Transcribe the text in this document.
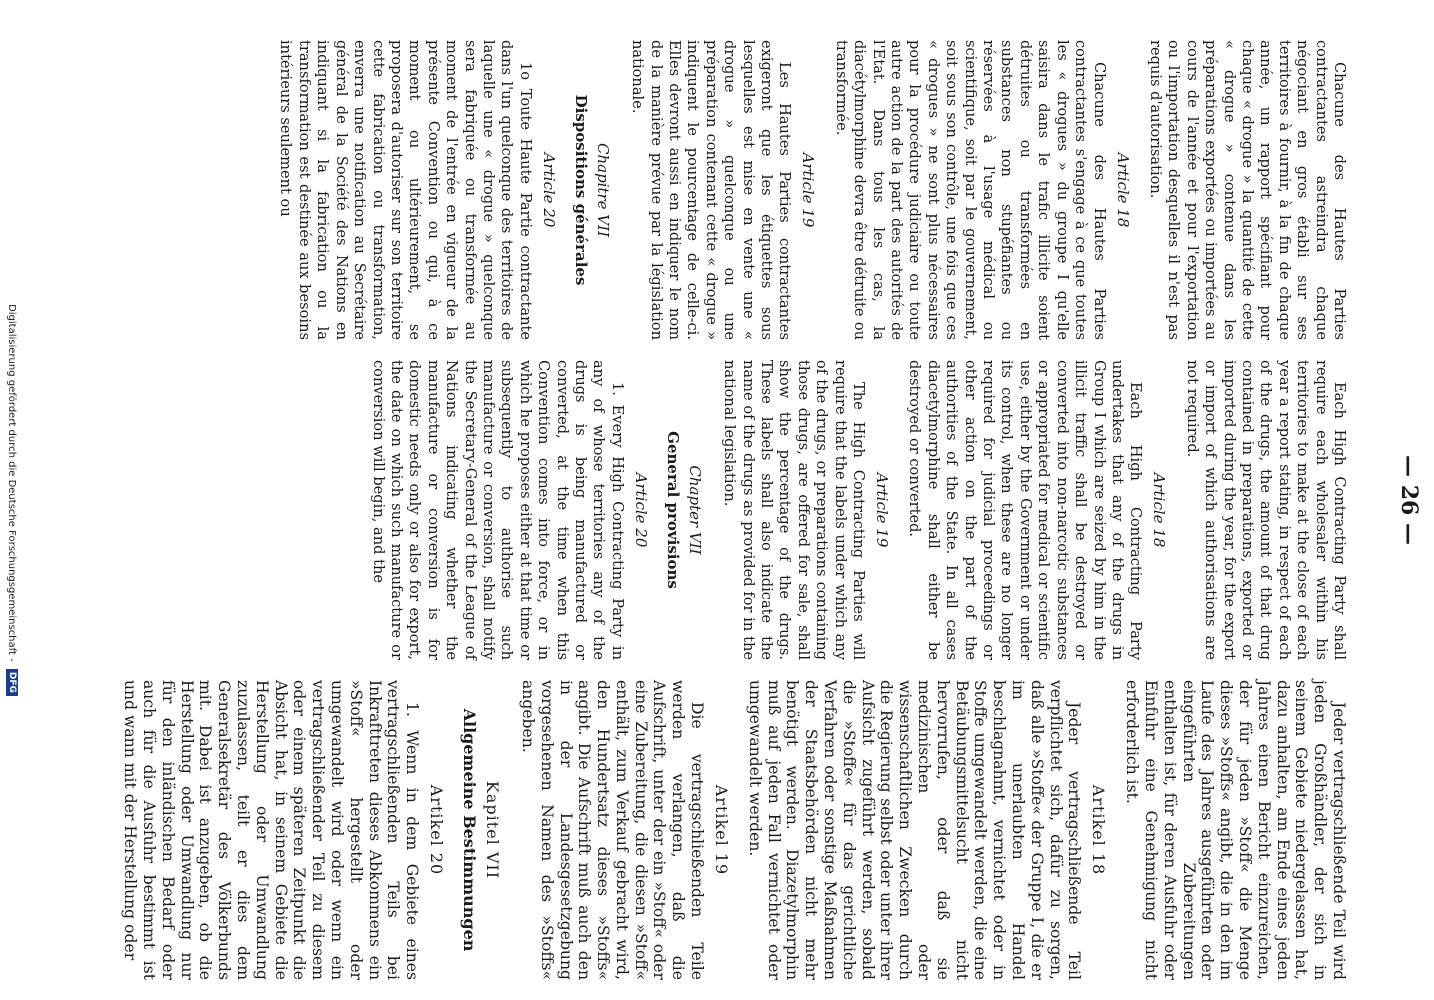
— 26 —

Chacune des Hautes Parties contractantes astreindra chaque négociant en gros établi sur ses territoires à fournir, à la fin de chaque année, un rapport spécifiant pour chaque « drogue » la quantité de cette « drogue » contenue dans les préparations exportées ou importées au cours de l'année et pour l'exportation ou l'importation desquelles il n'est pas requis d'autorisation.

Article 18

Chacune des Hautes Parties contractantes s'engage à ce que toutes les « drogues » du groupe I qu'elle saisira dans le trafic illicite soient détruites ou transformées en substances non stupéfiantes ou réservées à l'usage médical ou scientifique, soit par le gouvernement, soit sous son contrôle, une fois que ces « drogues » ne sont plus nécessaires pour la procédure judiciaire ou toute autre action de la part des autorités de l'Etat. Dans tous les cas, la diacétylmorphine devra être détruite ou transformée.

Article 19

Les Hautes Parties contractantes exigeront que les étiquettes sous lesquelles est mise en vente une « drogue » quelconque ou une préparation contenant cette « drogue » indiquent le pourcentage de celle-ci. Elles devront aussi en indiquer le nom de la manière prévue par la législation nationale.

Chapitre VII
Dispositions générales
Article 20

1o Toute Haute Partie contractante dans l'un quelconque des territoires de laquelle une « drogue » quelconque sera fabriquée ou transformée au moment de l'entrée en vigueur de la présente Convention ou qui, à ce moment ou ultérieurement, se proposera d'autoriser sur son territoire cette fabrication ou transformation, enverra une notification au Secrétaire général de la Société des Nations en indiquant si la fabrication ou la transformation est destinée aux besoins intérieurs seulement ou

Each High Contracting Party shall require each wholesaler within his territories to make at the close of each year a report stating, in respect of each of the drugs, the amount of that drug contained in preparations, exported or imported during the year, for the export or import of which authorisations are not required.

Article 18

Each High Contracting Party undertakes that any of the drugs in Group I which are seized by him in the illicit traffic shall be destroyed or converted into non-narcotic substances or appropriated for medical or scientific use, either by the Government or under its control, when these are no longer required for judicial proceedings or other action on the part of the authorities of the State. In all cases diacetylmorphine shall either be destroyed or converted.

Article 19

The High Contracting Parties will require that the labels under which any of the drugs, or preparations containing those drugs, are offered for sale, shall show the percentage of the drugs. These labels shall also indicate the name of the drugs as provided for in the national legislation.

Chapter VII
General provisions
Article 20

1. Every High Contracting Party in any of whose territories any of the drugs is being manufactured or converted, at the time when this Convention comes into force, or in which he proposes either at that time or subsequently to authorise such manufacture or conversion, shall notify the Secretary-General of the League of Nations indicating whether the manufacture or conversion is for domestic needs only or also for export, the date on which such manufacture or conversion will begin, and the

Jeder vertragschließende Teil wird jeden Großhändler, der sich in seinem Gebiete niedergelassen hat, dazu anhalten, am Ende eines jeden Jahres einen Bericht einzureichen, der für jeden »Stoff« die Menge dieses »Stoffs« angibt, die in den im Laufe des Jahres ausgeführten oder eingeführten Zubereitungen enthalten ist, für deren Ausfuhr oder Einfuhr eine Genehmigung nicht erforderlich ist.

Artikel 18

Jeder vertragschließende Teil verpflichtet sich, dafür zu sorgen, daß alle »Stoffe« der Gruppe I, die er im unerlaubten Handel beschlagnahmt, vernichtet oder in Stoffe umgewandelt werden, die eine Betäubungsmittelsucht nicht hervorrufen, oder daß sie medizinischen oder wissenschaftlichen Zwecken durch die Regierung selbst oder unter ihrer Aufsicht zugeführt werden, sobald die »Stoffe« für das gerichtliche Verfahren oder sonstige Maßnahmen der Staatsbehörden nicht mehr benötigt werden. Diazetylmorphin muß auf jeden Fall vernichtet oder umgewandelt werden.

Artikel 19

Die vertragschließenden Teile werden verlangen, daß die Aufschrift, unter der ein »Stoff« oder eine Zubereitung, die diesen »Stoff« enthält, zum Verkauf gebracht wird, den Hundertsatz dieses »Stoffs« angibt. Die Aufschrift muß auch den in der Landesgesetzgebung vorgesehenen Namen des »Stoffs« angeben.

Kapitel VII
Allgemeine Bestimmungen
Artikel 20

1. Wenn in dem Gebiete eines vertragschließenden Teils bei Inkrafttreten dieses Abkommens ein »Stoff« hergestellt oder umgewandelt wird oder wenn ein vertragschließender Teil zu diesem oder einem späteren Zeitpunkt die Absicht hat, in seinem Gebiete die Herstellung oder Umwandlung zuzulassen, teilt er dies dem Generalsekretär des Völkerbunds mit. Dabei ist anzugeben, ob die Herstellung oder Umwandlung nur für den inländischen Bedarf oder auch für die Ausfuhr bestimmt ist und wann mit der Herstellung oder

Digitalisierung gefördert durch die Deutsche Forschungsgemeinschaft - DFG
